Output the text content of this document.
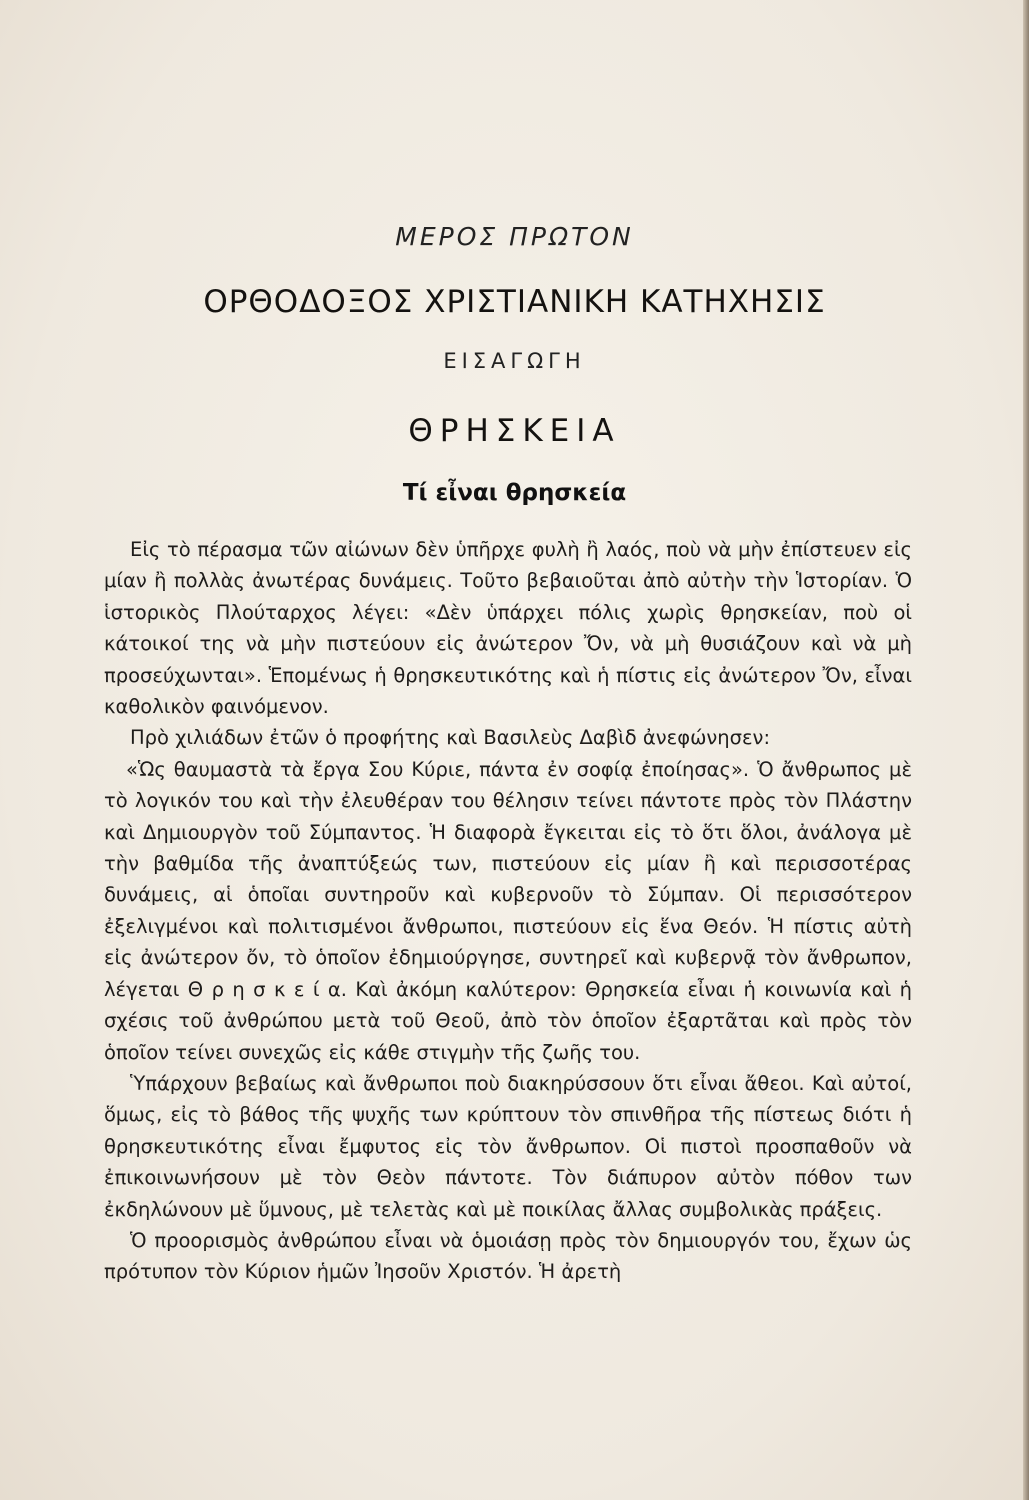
ΜΕΡΟΣ ΠΡΩΤΟΝ
ΟΡΘΟΔΟΞΟΣ ΧΡΙΣΤΙΑΝΙΚΗ ΚΑΤΗΧΗΣΙΣ
ΕΙΣΑΓΩΓΗ
ΘΡΗΣΚΕΙΑ
Τί εἶναι θρησκεία

Εἰς τὸ πέρασμα τῶν αἰώνων δὲν ὑπῆρχε φυλὴ ἢ λαός, ποὺ νὰ μὴν ἐπίστευεν εἰς μίαν ἢ πολλὰς ἀνωτέρας δυνάμεις. Τοῦτο βεβαιοῦται ἀπὸ αὐτὴν τὴν Ἱστορίαν. Ὁ ἱστορικὸς Πλούταρχος λέγει: «Δὲν ὑπάρχει πόλις χωρὶς θρησκείαν, ποὺ οἱ κάτοικοί της νὰ μὴν πιστεύουν εἰς ἀνώτερον Ὄν, νὰ μὴ θυσιάζουν καὶ νὰ μὴ προσεύχωνται». Ἑπομένως ἡ θρησκευτικότης καὶ ἡ πίστις εἰς ἀνώτερον Ὄν, εἶναι καθολικὸν φαινόμενον.

Πρὸ χιλιάδων ἐτῶν ὁ προφήτης καὶ Βασιλεὺς Δαβὶδ ἀνεφώνησεν:

«Ὡς θαυμαστὰ τὰ ἔργα Σου Κύριε, πάντα ἐν σοφίᾳ ἐποίησας». Ὁ ἄνθρωπος μὲ τὸ λογικόν του καὶ τὴν ἐλευθέραν του θέλησιν τείνει πάντοτε πρὸς τὸν Πλάστην καὶ Δημιουργὸν τοῦ Σύμπαντος. Ἡ διαφορὰ ἔγκειται εἰς τὸ ὅτι ὅλοι, ἀνάλογα μὲ τὴν βαθμίδα τῆς ἀναπτύξεώς των, πιστεύουν εἰς μίαν ἢ καὶ περισσοτέρας δυνάμεις, αἱ ὁποῖαι συντηροῦν καὶ κυβερνοῦν τὸ Σύμπαν. Οἱ περισσότερον ἐξελιγμένοι καὶ πολιτισμένοι ἄνθρωποι, πιστεύουν εἰς ἕνα Θεόν. Ἡ πίστις αὐτὴ εἰς ἀνώτερον ὄν, τὸ ὁποῖον ἐδημιούργησε, συντηρεῖ καὶ κυβερνᾷ τὸν ἄνθρωπον, λέγεται Θ ρ η σ κ ε ί α. Καὶ ἀκόμη καλύτερον: Θρησκεία εἶναι ἡ κοινωνία καὶ ἡ σχέσις τοῦ ἀνθρώπου μετὰ τοῦ Θεοῦ, ἀπὸ τὸν ὁποῖον ἐξαρτᾶται καὶ πρὸς τὸν ὁποῖον τείνει συνεχῶς εἰς κάθε στιγμὴν τῆς ζωῆς του.

Ὑπάρχουν βεβαίως καὶ ἄνθρωποι ποὺ διακηρύσσουν ὅτι εἶναι ἄθεοι. Καὶ αὐτοί, ὅμως, εἰς τὸ βάθος τῆς ψυχῆς των κρύπτουν τὸν σπινθῆρα τῆς πίστεως διότι ἡ θρησκευτικότης εἶναι ἔμφυτος εἰς τὸν ἄνθρωπον. Οἱ πιστοὶ προσπαθοῦν νὰ ἐπικοινωνήσουν μὲ τὸν Θεὸν πάντοτε. Τὸν διάπυρον αὐτὸν πόθον των ἐκδηλώνουν μὲ ὕμνους, μὲ τελετὰς καὶ μὲ ποικίλας ἄλλας συμβολικὰς πράξεις.

Ὁ προορισμὸς ἀνθρώπου εἶναι νὰ ὁμοιάσῃ πρὸς τὸν δημιουργόν του, ἔχων ὡς πρότυπον τὸν Κύριον ἡμῶν Ἰησοῦν Χριστόν. Ἡ ἀρετὴ
